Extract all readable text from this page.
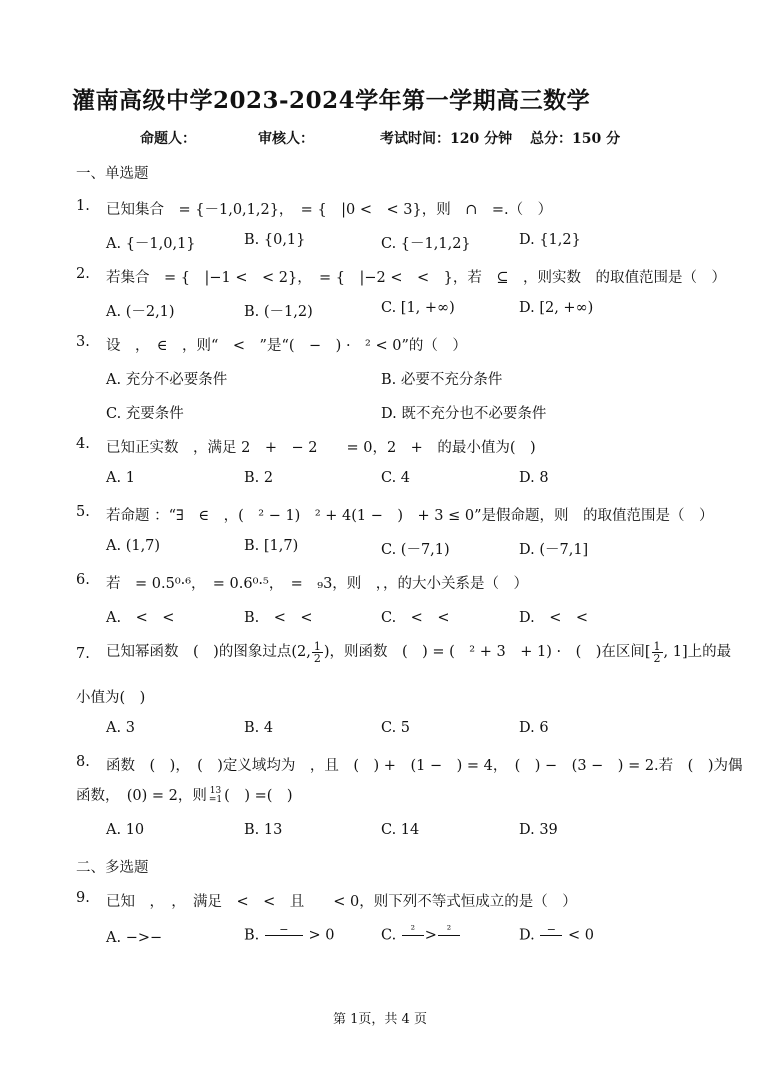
灌南高级中学2023-2024学年第一学期高三数学
命题人：	审核人：	考试时间：120 分钟 总分：150 分
一、单选题
1. 已知集合　= {－1,0,1,2}，　= {　|0 <　< 3}，则　∩　=.（　）
A. {－1,0,1}	B. {0,1}	C. {－1,1,2}	D. {1,2}
2. 若集合　= {　|−1 <　< 2}，　= {　|−2 <　<　}，若　⊆　，则实数　的取值范围是（　）
A. (－2,1)	B. (－1,2)	C. [1, +∞)	D. [2, +∞)
3. 设　，　∈　，则“　<　”是“(　−　) ·　² < 0”的（　）
A. 充分不必要条件	B. 必要不充分条件
C. 充要条件	D. 既不充分也不必要条件
4. 已知正实数　，满足 2　+　− 2　　= 0，2　+　的最小值为(　)
A. 1	B. 2	C. 4	D. 8
5. 若命题 ：“∃　∈　，(　² − 1)　² + 4(1 −　)　+ 3 ≤ 0”是假命题，则　的取值范围是（　）
A. (1,7)	B. [1,7)	C. (－7,1)	D. (－7,1]
6. 若　= 0.5⁰·⁶，　= 0.6⁰·⁵，　=　₉3，则　，，的大小关系是（　）
A.　<　<	B.　<　<	C.　<　<	D.　<　<
7. 已知幂函数　(　)的图象过点(2, $\frac{1}{2}$ )，则函数　(　) = (　² + 3　+ 1) ·　(　)在区间[ $\frac{1}{2}$ , 1]上的最
小值为(　)
A. 3	B. 4	C. 5	D. 6
8. 函数　(　)，　(　)定义域均为　，且　(　) +　(1 −　) = 4，　(　) −　(3 −　) = 2.若　(　)为偶
函数，　(0) = 2，则 13
=1 (　) =(　)
A. 10	B. 13	C. 14	D. 39
二、多选题
9. 已知　，　，　满足　<　<　且　　< 0，则下列不等式恒成立的是（　）
A. −>−	B.	−	> 0	C.	² > ²	D.	− < 0
第 1页，共 4 页
